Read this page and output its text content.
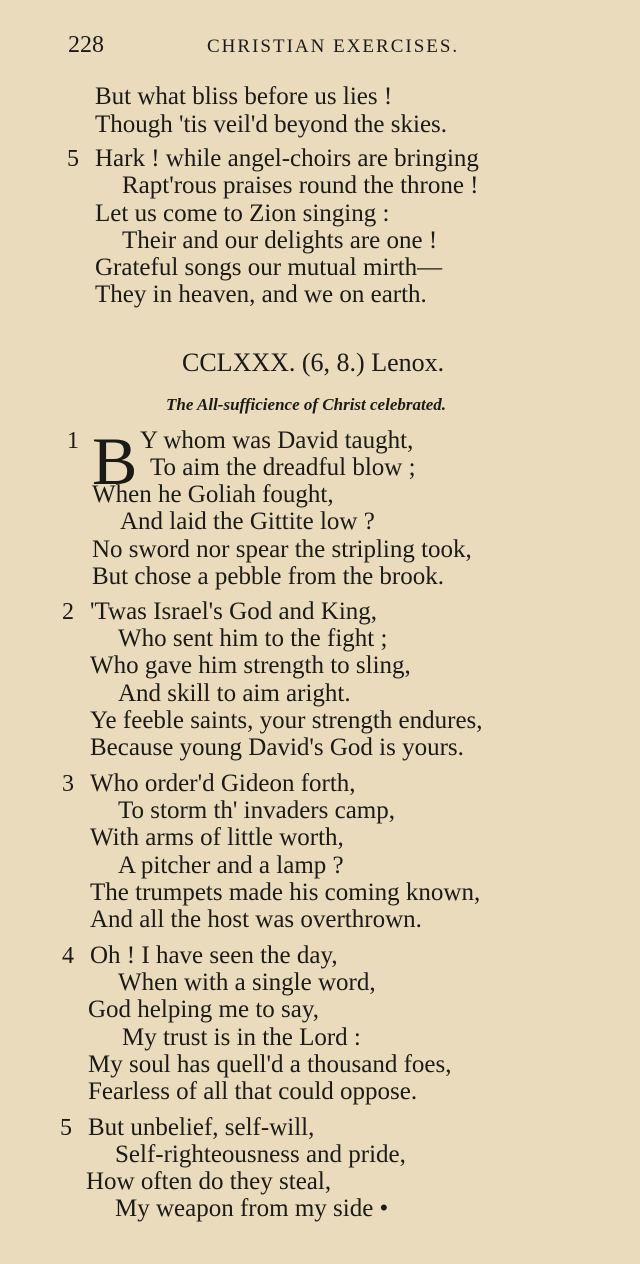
228	CHRISTIAN EXERCISES.
But what bliss before us lies !
Though 'tis veil'd beyond the skies.
5 Hark ! while angel-choirs are bringing
Rapt'rous praises round the throne !
Let us come to Zion singing :
Their and our delights are one !
Grateful songs our mutual mirth—
They in heaven, and we on earth.
CCLXXX. (6, 8.) Lenox.
The All-sufficience of Christ celebrated.
1 B Y whom was David taught,
To aim the dreadful blow ;
When he Goliah fought,
And laid the Gittite low ?
No sword nor spear the stripling took,
But chose a pebble from the brook.
2 'Twas Israel's God and King,
Who sent him to the fight ;
Who gave him strength to sling,
And skill to aim aright.
Ye feeble saints, your strength endures,
Because young David's God is yours.
3 Who order'd Gideon forth,
To storm th' invaders camp,
With arms of little worth,
A pitcher and a lamp ?
The trumpets made his coming known,
And all the host was overthrown.
4 Oh ! I have seen the day,
When with a single word,
God helping me to say,
My trust is in the Lord :
My soul has quell'd a thousand foes,
Fearless of all that could oppose.
5 But unbelief, self-will,
Self-righteousness and pride,
How often do they steal,
My weapon from my side •
